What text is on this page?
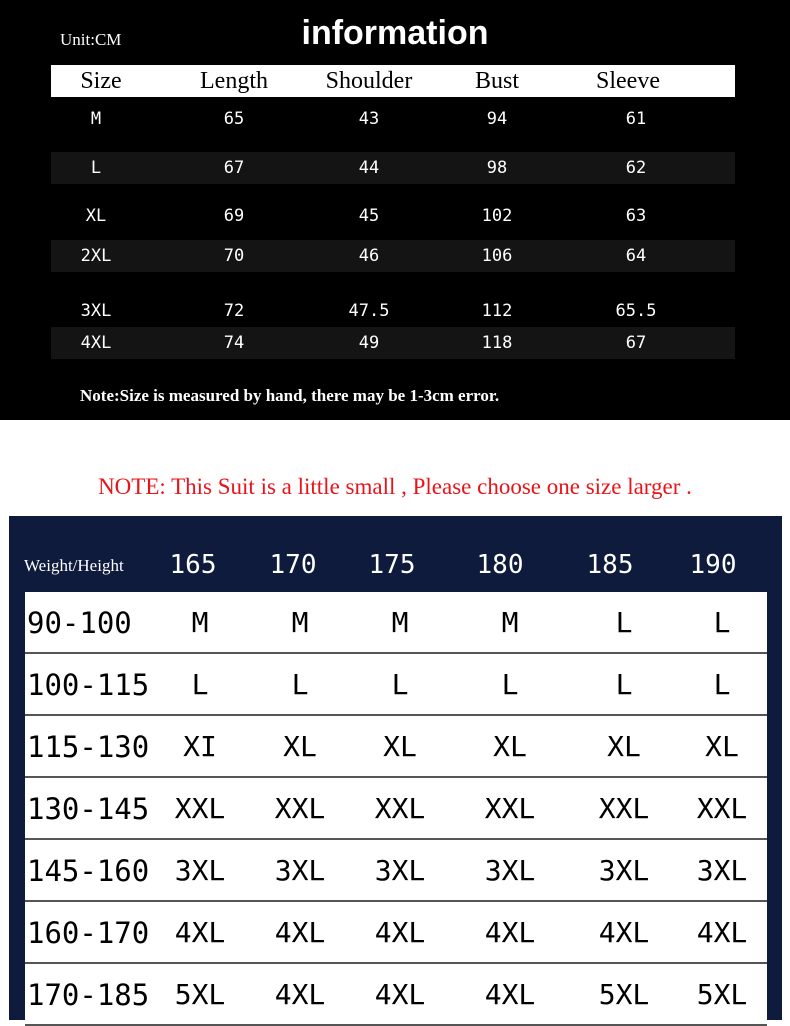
Unit:CM	information
Size	Length Shoulder	Bust	Sleeve
M	65	43	94	61
L	67	44	98	62
XL	69	45	102	63
2XL	70	46	106	64
3XL	72	47.5	112	65.5
4XL	74	49	118	67
Note:Size is measured by hand, there may be 1-3cm error.
NOTE: This Suit is a little small , Please choose one size larger .
Weight/Height 165 170 175 180 185 190
90-100 M	M	M	M	L	L
100-115 L	L	L	L	L	L
115-130 XI XL XL	XL	XL XL
130-145 XXL XXL XXL XXL XXL XXL
145-160 3XL 3XL 3XL 3XL 3XL 3XL
160-170 4XL 4XL 4XL 4XL 4XL 4XL
170-185 5XL 4XL 4XL 4XL 5XL 5XL
